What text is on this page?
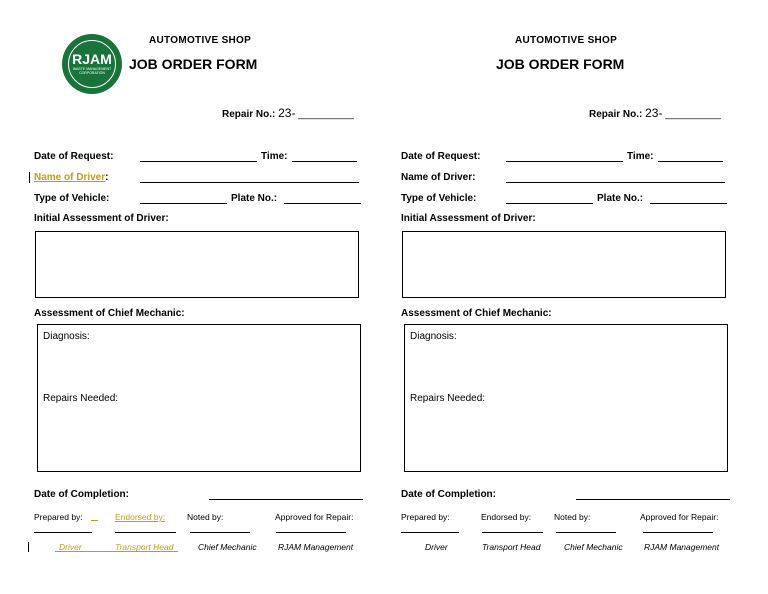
RJAM
WASTE MANAGEMENT CORPORATION
AUTOMOTIVE SHOP
JOB ORDER FORM
Repair No.: 23- __________
Date of Request:	Time:
Name of Driver:
Type of Vehicle:	Plate No.:
Initial Assessment of Driver:
Assessment of Chief Mechanic:
Diagnosis:
Repairs Needed:
Date of Completion:
Prepared by:	Endorsed by:	Noted by:	Approved for Repair:
Driver	Transport Head	Chief Mechanic	RJAM Management
AUTOMOTIVE SHOP
JOB ORDER FORM
Repair No.: 23- __________
Date of Request:	Time:
Name of Driver:
Type of Vehicle:	Plate No.:
Initial Assessment of Driver:
Assessment of Chief Mechanic:
Diagnosis:
Repairs Needed:
Date of Completion:
Prepared by:	Endorsed by:	Noted by:	Approved for Repair:
Driver	Transport Head	Chief Mechanic	RJAM Management
